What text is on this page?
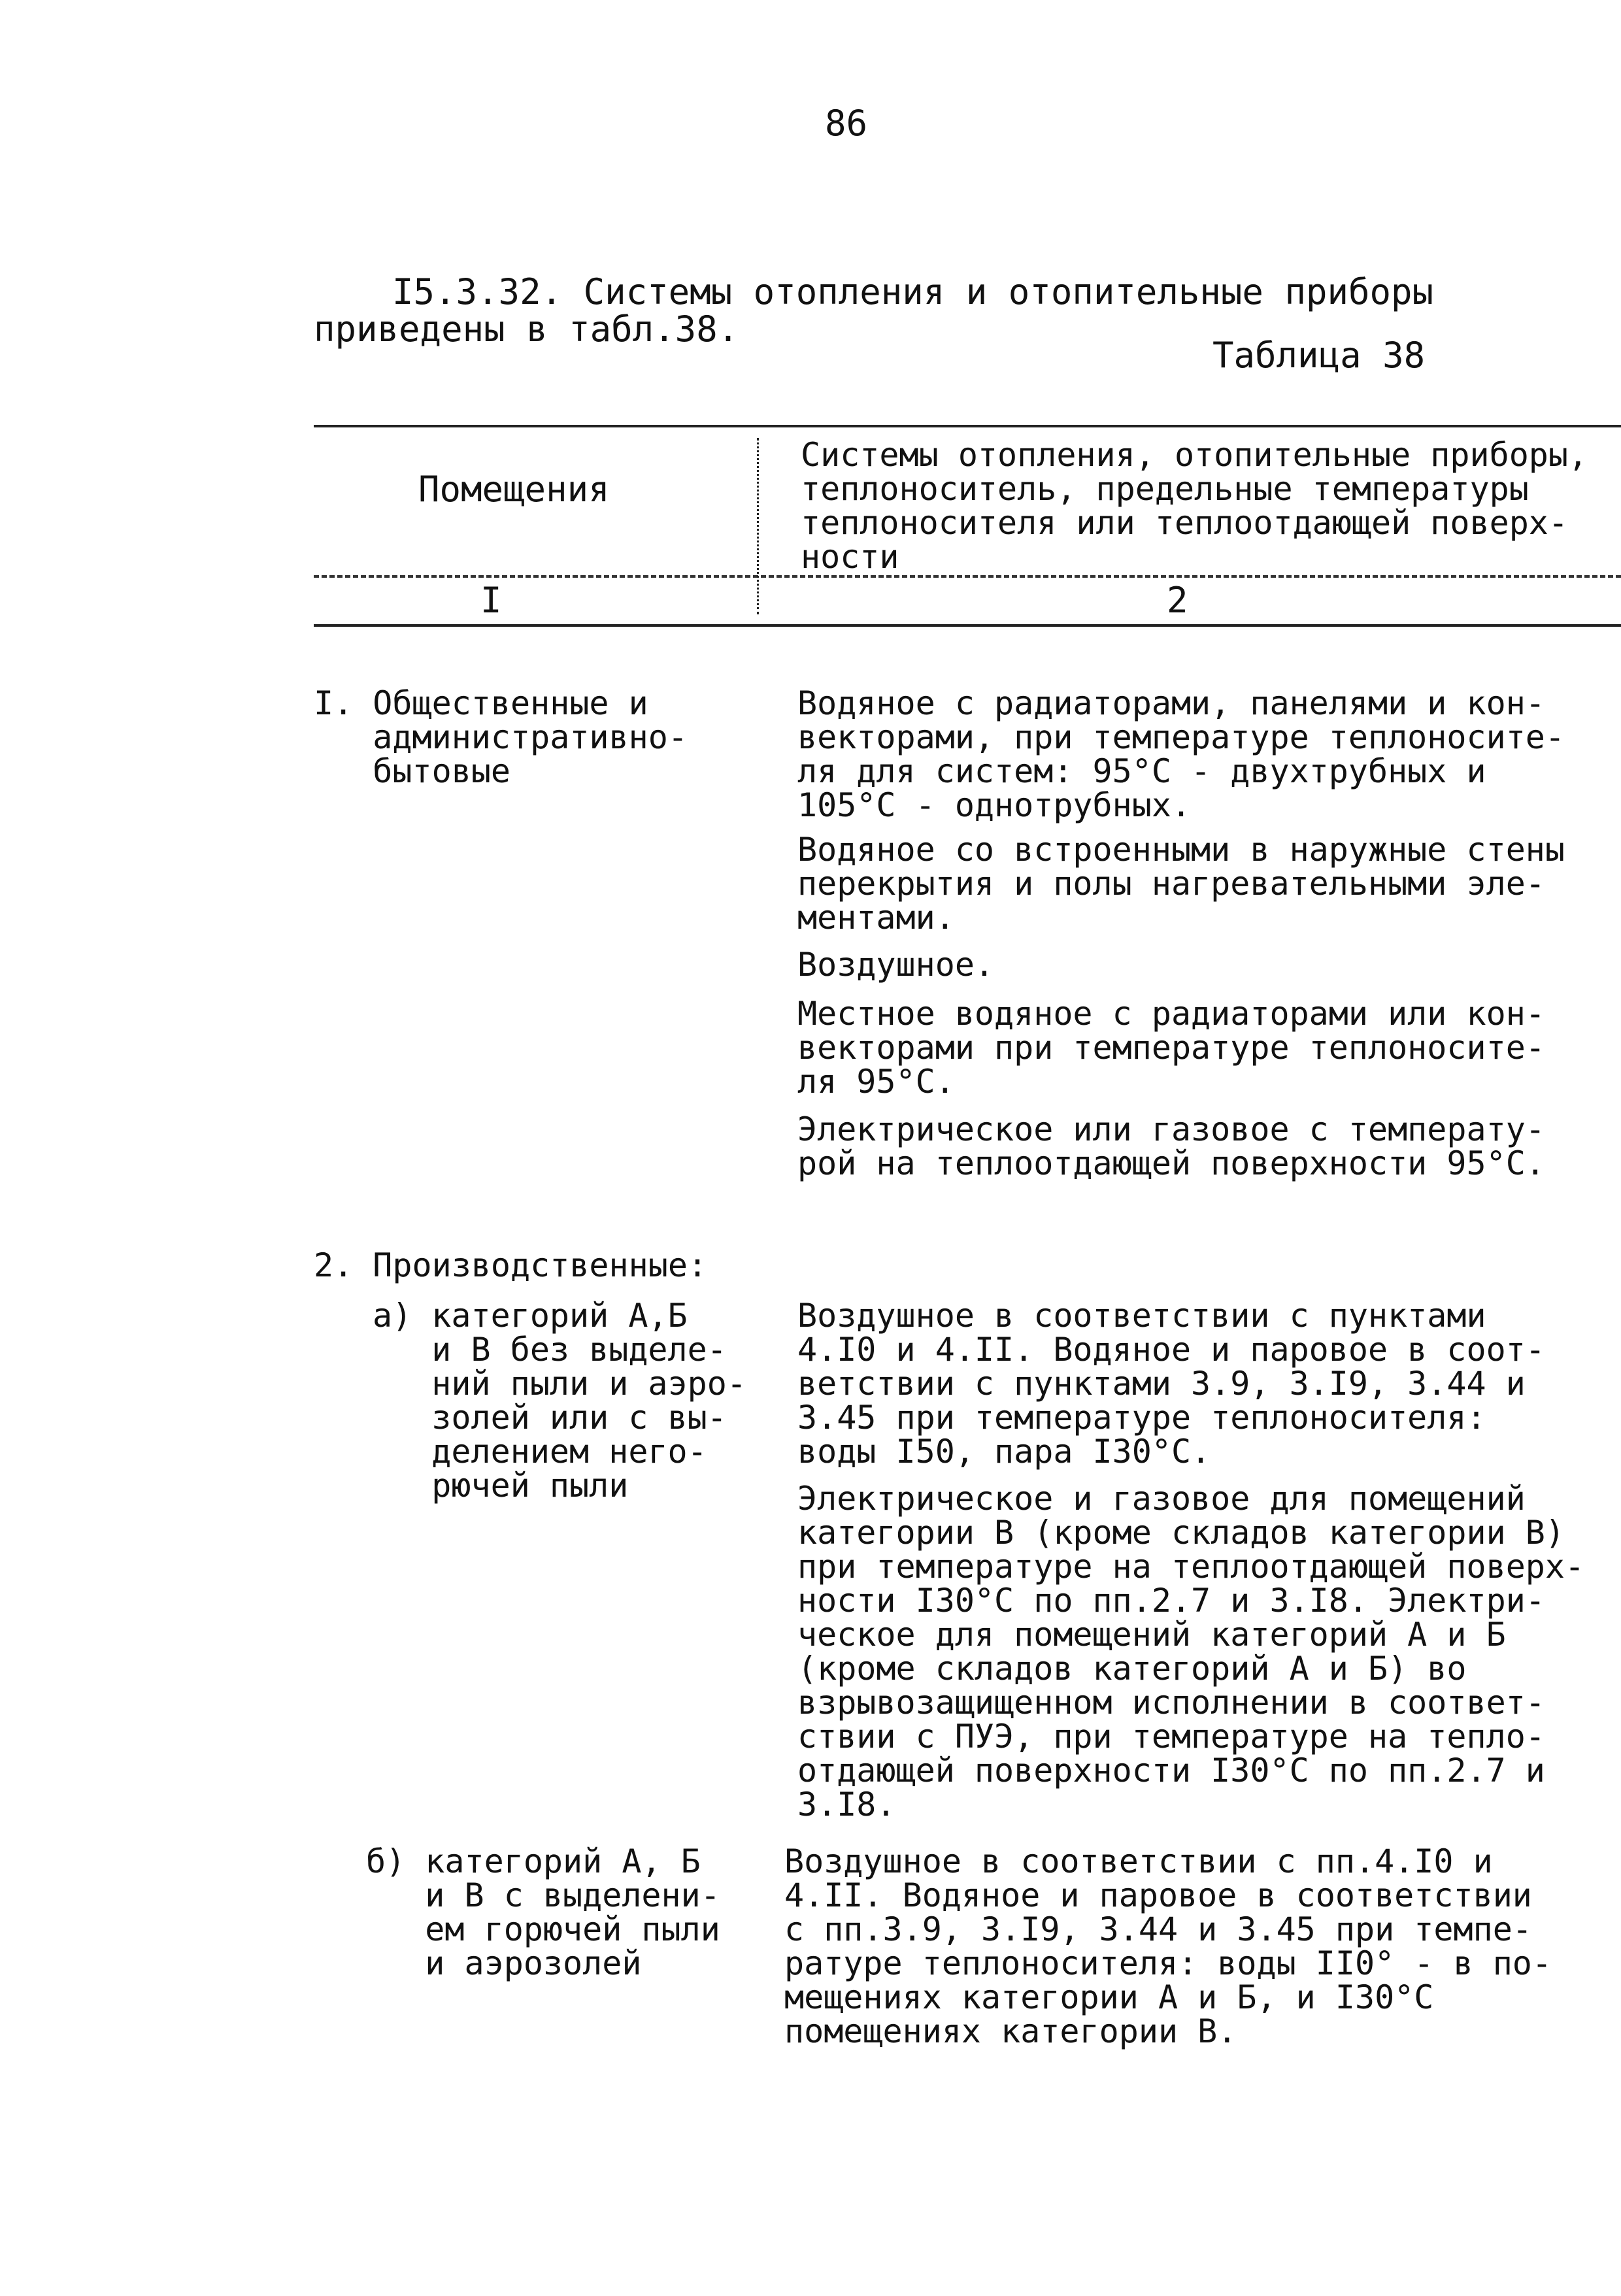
86
I5.3.32. Системы отопления и отопительные приборы
приведены в табл.38.
Таблица 38
Помещения
Системы отопления, отопительные приборы,
теплоноситель, предельные температуры
теплоносителя или теплоотдающей поверх-
ности
I	2
I. Общественные и
административно-
бытовые
Водяное с радиаторами, панелями и кон-
векторами, при температуре теплоносите-
ля для систем: 95°С - двухтрубных и
105°С - однотрубных.
Водяное со встроенными в наружные стены
перекрытия и полы нагревательными эле-
ментами.
Воздушное.
Местное водяное с радиаторами или кон-
векторами при температуре теплоносите-
ля 95°С.
Электрическое или газовое с температу-
рой на теплоотдающей поверхности 95°С.
2. Производственные:
а) категорий А,Б
и В без выделе-
ний пыли и аэро-
золей или с вы-
делением него-
рючей пыли
Воздушное в соответствии с пунктами
4.I0 и 4.II. Водяное и паровое в соот-
ветствии с пунктами 3.9, 3.I9, 3.44 и
3.45 при температуре теплоносителя:
воды I50, пара I30°С.
Электрическое и газовое для помещений
категории В (кроме складов категории В)
при температуре на теплоотдающей поверх-
ности I30°С по пп.2.7 и 3.I8. Электри-
ческое для помещений категорий А и Б
(кроме складов категорий А и Б) во
взрывозащищенном исполнении в соответ-
ствии с ПУЭ, при температуре на тепло-
отдающей поверхности I30°С по пп.2.7 и
3.I8.
б) категорий А, Б
и В с выделени-
ем горючей пыли
и аэрозолей
Воздушное в соответствии с пп.4.I0 и
4.II. Водяное и паровое в соответствии
с пп.3.9, 3.I9, 3.44 и 3.45 при темпе-
ратуре теплоносителя: воды II0° - в по-
мещениях категории А и Б, и I30°С
помещениях категории В.
